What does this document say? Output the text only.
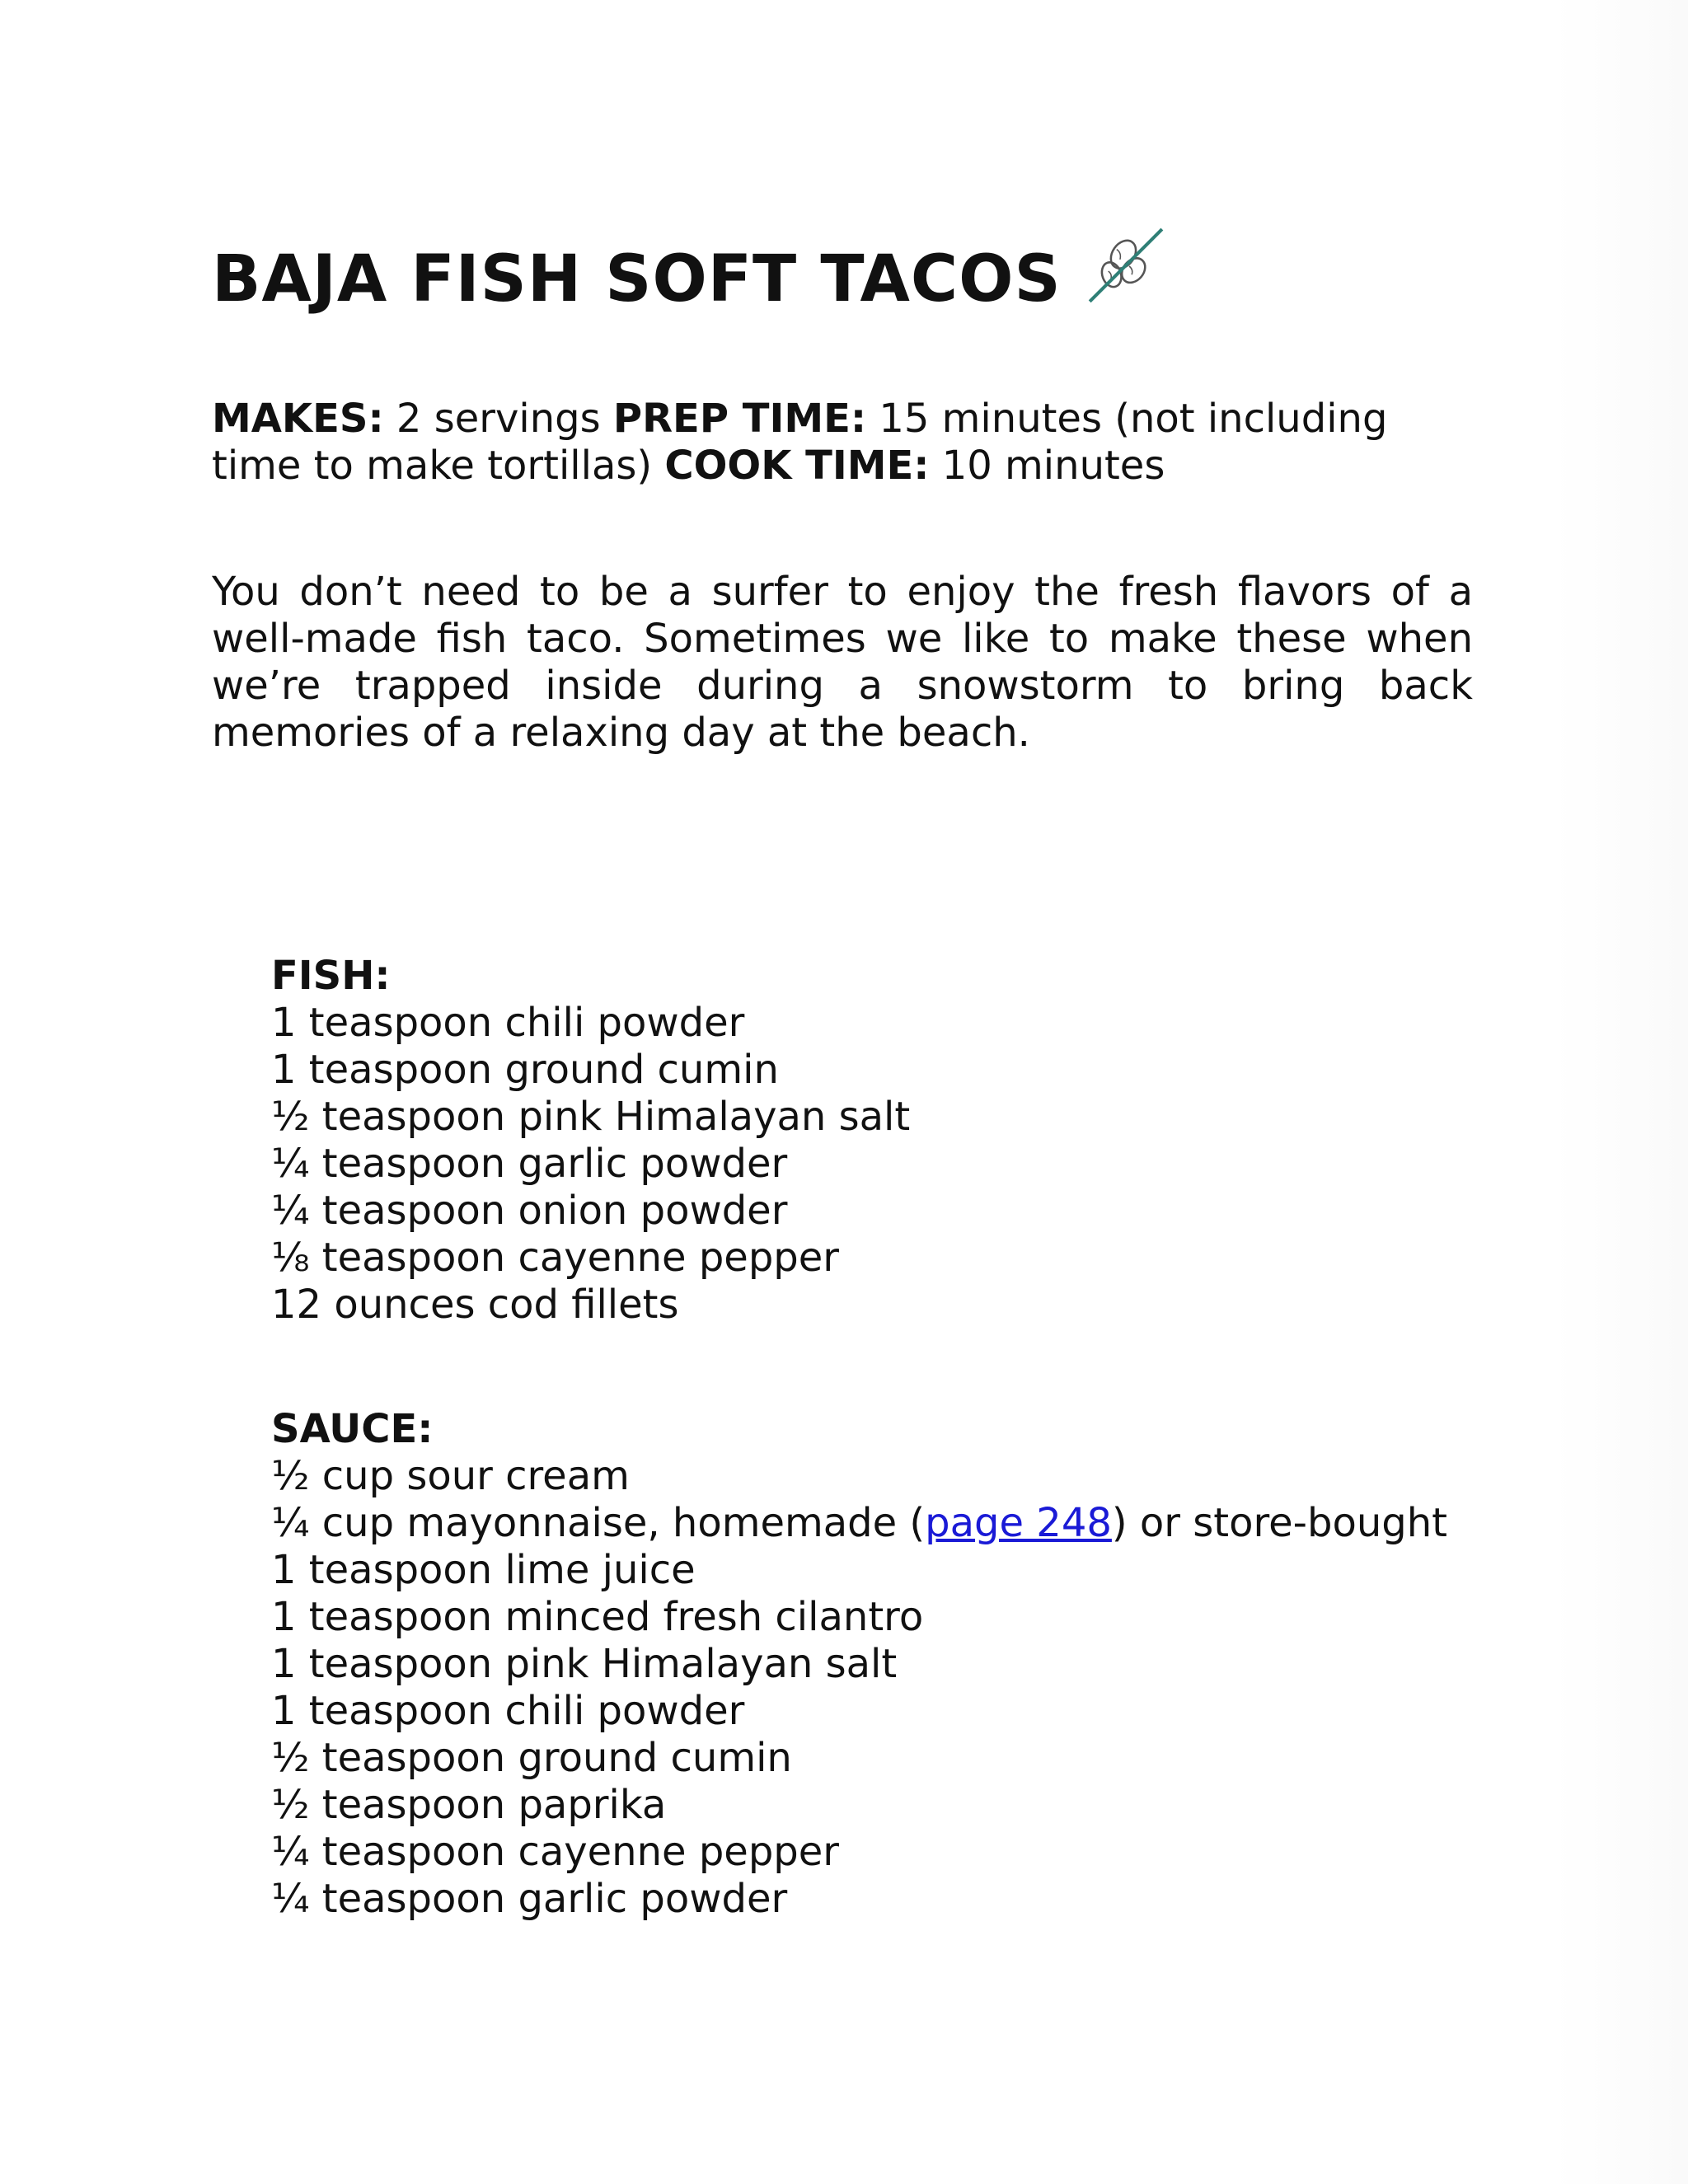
BAJA FISH SOFT TACOS

MAKES: 2 servings PREP TIME: 15 minutes (not including time to make tortillas) COOK TIME: 10 minutes

You don’t need to be a surfer to enjoy the fresh flavors of a well-made fish taco. Sometimes we like to make these when we’re trapped inside during a snowstorm to bring back memories of a relaxing day at the beach.

FISH:

1 teaspoon chili powder
1 teaspoon ground cumin
½ teaspoon pink Himalayan salt
¼ teaspoon garlic powder
¼ teaspoon onion powder
⅛ teaspoon cayenne pepper
12 ounces cod fillets

SAUCE:

½ cup sour cream
¼ cup mayonnaise, homemade (page 248) or store-bought
1 teaspoon lime juice
1 teaspoon minced fresh cilantro
1 teaspoon pink Himalayan salt
1 teaspoon chili powder
½ teaspoon ground cumin
½ teaspoon paprika
¼ teaspoon cayenne pepper
¼ teaspoon garlic powder
